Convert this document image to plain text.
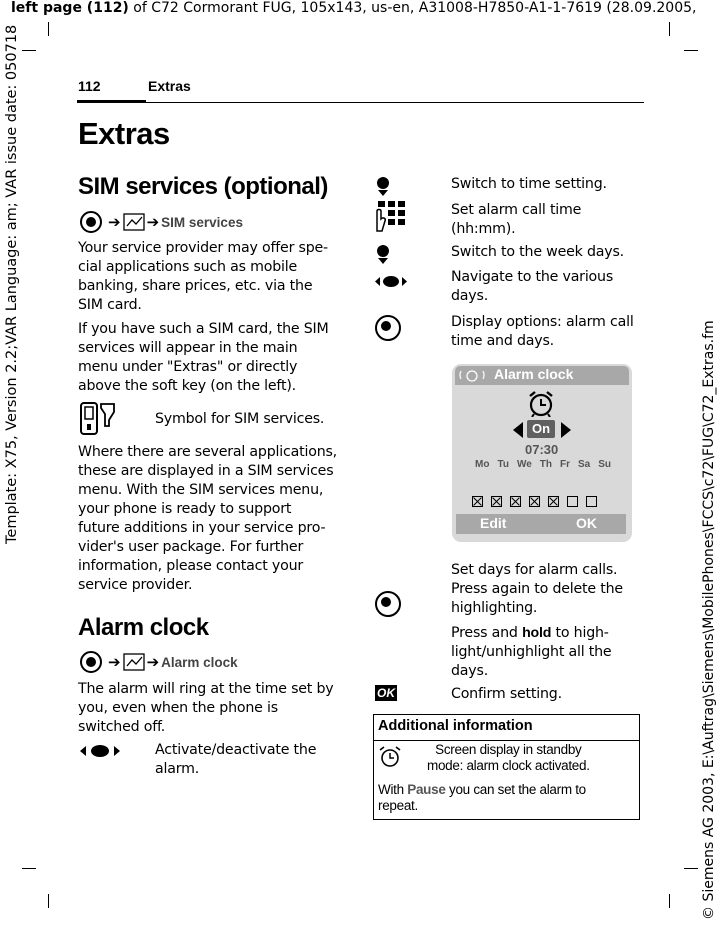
left page (112) of C72 Cormorant FUG, 105x143, us-en, A31008-H7850-A1-1-7619 (28.09.2005,
Template: X75, Version 2.2;VAR Language: am; VAR issue date: 050718
© Siemens AG 2003, E:\Auftrag\Siemens\MobilePhones\FCCS\c72\FUG\C72_Extras.fm
112	Extras
Extras
SIM services (optional)
➔ ➔ SIM services
Your service provider may offer spe-
cial applications such as mobile
banking, share prices, etc. via the
SIM card.
If you have such a SIM card, the SIM
services will appear in the main
menu under "Extras" or directly
above the soft key (on the left).
Symbol for SIM services.
Where there are several applications,
these are displayed in a SIM services
menu. With the SIM services menu,
your phone is ready to support
future additions in your service pro-
vider's user package. For further
information, please contact your
service provider.
Alarm clock
➔ ➔ Alarm clock
The alarm will ring at the time set by
you, even when the phone is
switched off.
Activate/deactivate the
alarm.
Switch to time setting.
Set alarm call time
(hh:mm).
Switch to the week days.
Navigate to the various
days.
Display options: alarm call
time and days.
Alarm clock
On
07:30
Mo Tu We Th Fr Sa Su
Edit	OK
Set days for alarm calls.
Press again to delete the
highlighting.
Press and hold to high-
light/unhighlight all the
days.
OK	Confirm setting.
Additional information
Screen display in standby
mode: alarm clock activated.
With Pause you can set the alarm to
repeat.
